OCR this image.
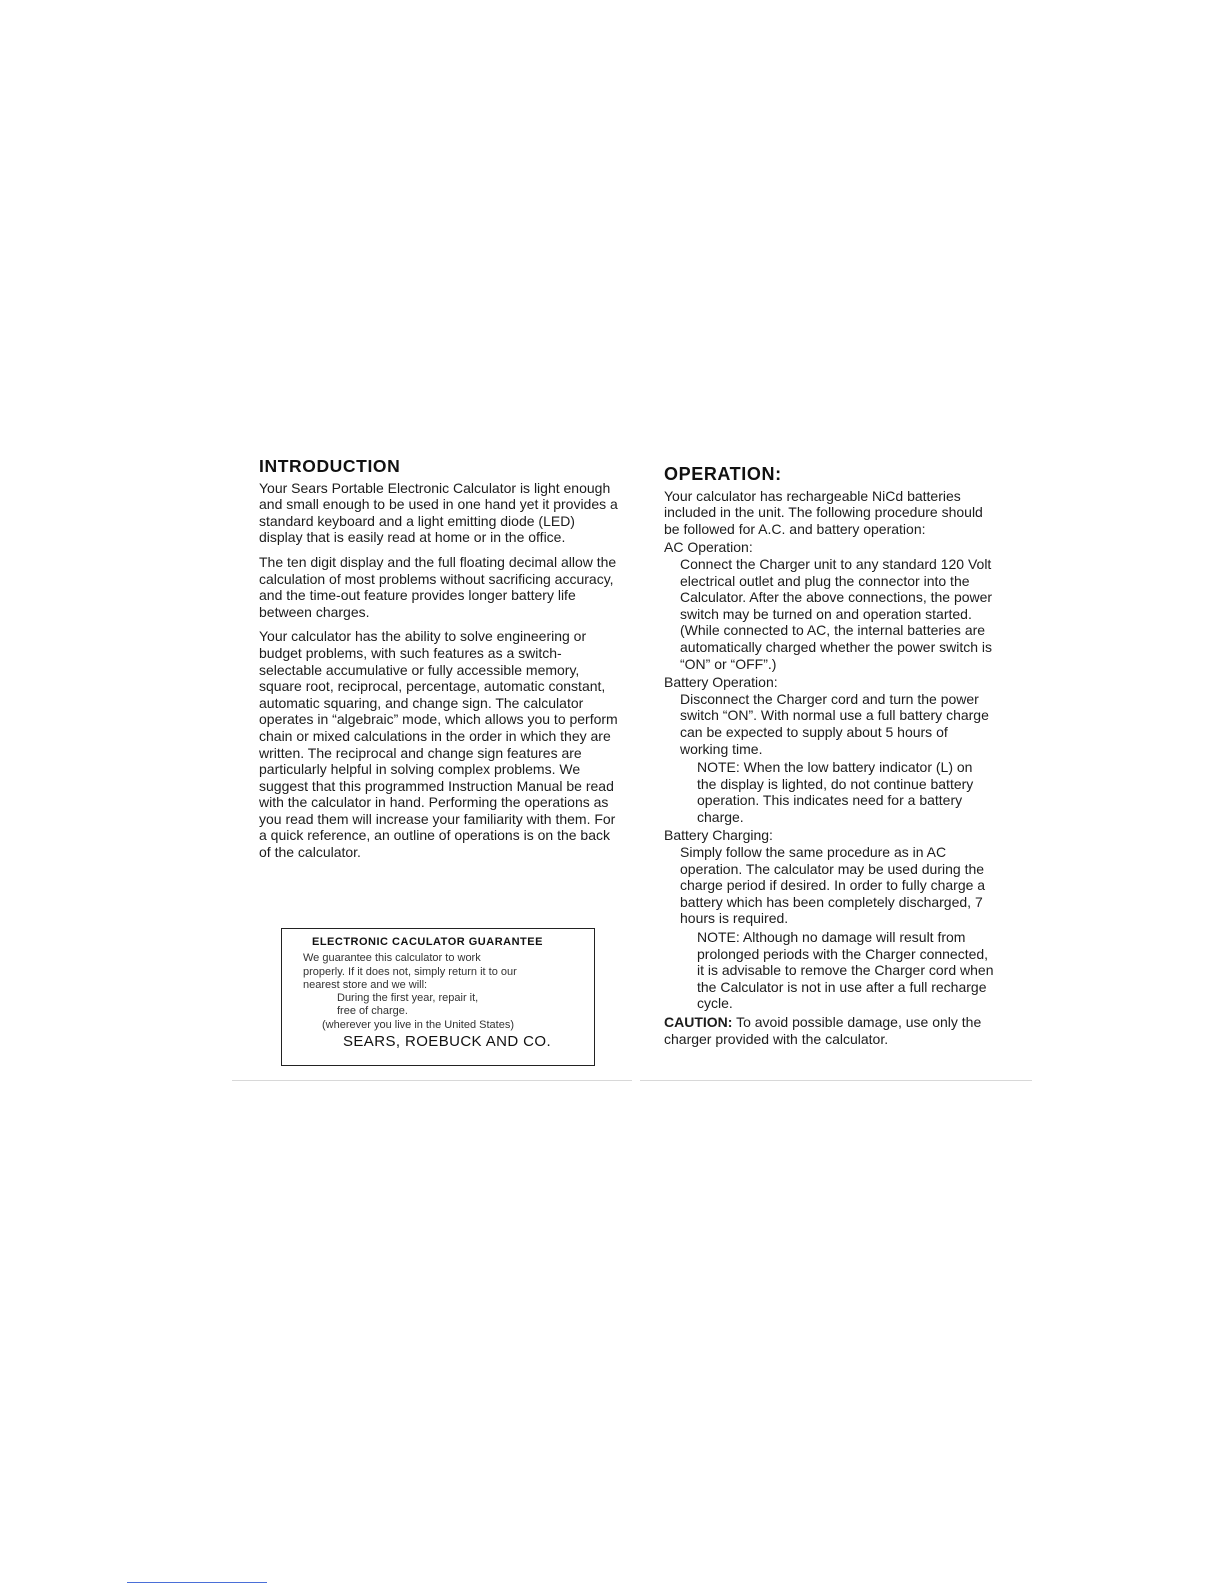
INTRODUCTION

Your Sears Portable Electronic Calculator is light enough and small enough to be used in one hand yet it provides a standard keyboard and a light emitting diode (LED) display that is easily read at home or in the office.

The ten digit display and the full floating decimal allow the calculation of most problems without sacrificing accuracy, and the time-out feature provides longer battery life between charges.

Your calculator has the ability to solve engineering or budget problems, with such features as a switch-selectable accumulative or fully accessible memory, square root, reciprocal, percentage, automatic constant, automatic squaring, and change sign. The calculator operates in “algebraic” mode, which allows you to perform chain or mixed calculations in the order in which they are written. The reciprocal and change sign features are particularly helpful in solving complex problems. We suggest that this programmed Instruction Manual be read with the calculator in hand. Performing the operations as you read them will increase your familiarity with them. For a quick reference, an outline of operations is on the back of the calculator.

ELECTRONIC CACULATOR GUARANTEE
We guarantee this calculator to work
properly. If it does not, simply return it to our
nearest store and we will:
During the first year, repair it,
free of charge.
(wherever you live in the United States)
SEARS, ROEBUCK AND CO.
OPERATION:

Your calculator has rechargeable NiCd batteries included in the unit. The following procedure should be followed for A.C. and battery operation:

AC Operation:

Connect the Charger unit to any standard 120 Volt electrical outlet and plug the connector into the Calculator. After the above connections, the power switch may be turned on and operation started. (While connected to AC, the internal batteries are automatically charged whether the power switch is “ON” or “OFF”.)

Battery Operation:

Disconnect the Charger cord and turn the power switch “ON”. With normal use a full battery charge can be expected to supply about 5 hours of working time.

NOTE: When the low battery indicator (L) on the display is lighted, do not continue battery operation. This indicates need for a battery charge.

Battery Charging:

Simply follow the same procedure as in AC operation. The calculator may be used during the charge period if desired. In order to fully charge a battery which has been completely discharged, 7 hours is required.

NOTE: Although no damage will result from prolonged periods with the Charger connected, it is advisable to remove the Charger cord when the Calculator is not in use after a full recharge cycle.

CAUTION: To avoid possible damage, use only the charger provided with the calculator.
